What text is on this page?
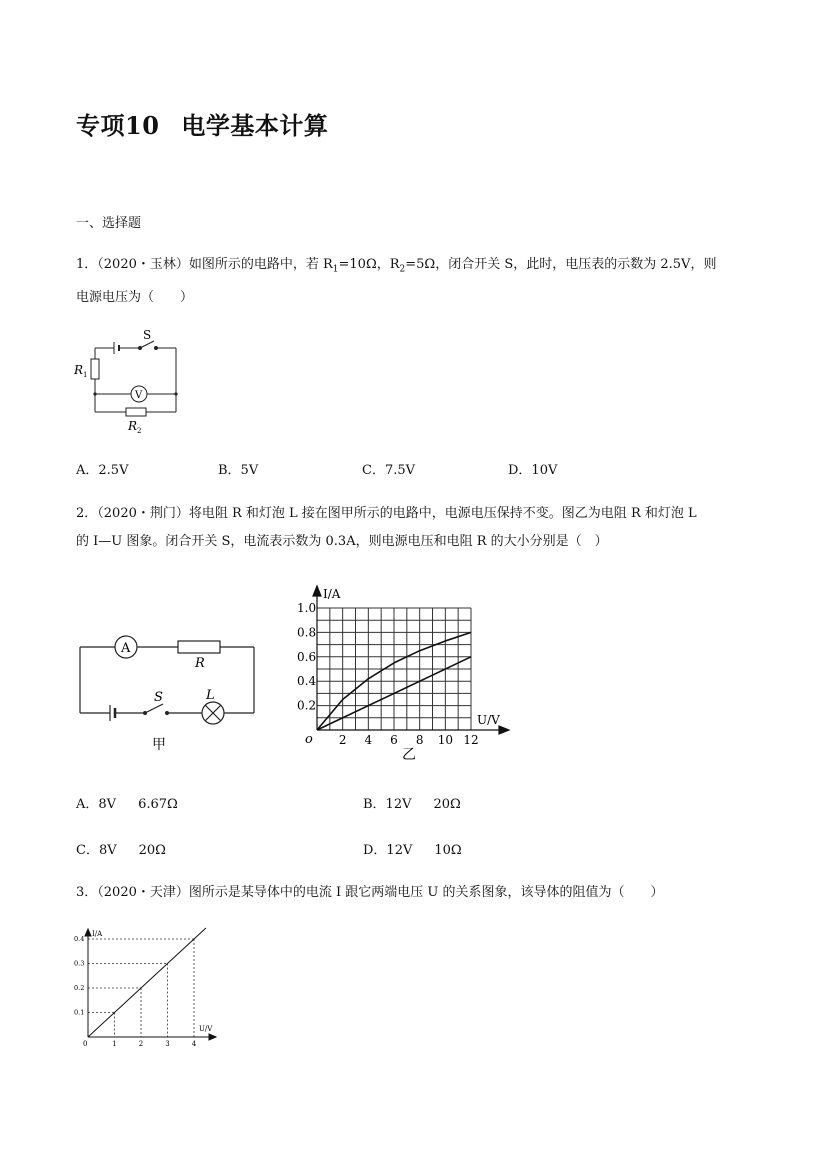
专项10 电学基本计算
一、选择题
1．（2020・玉林）如图所示的电路中，若 $R_1=10\Omega$，$R_2=5\Omega$，闭合开关 S，此时，电压表的示数为 2.5V，则
电源电压为（　　）
S
R 1
V
R 2
A．2.5V	B．5V	C．7.5V	D．10V
2．（2020・荆门）将电阻 R 和灯泡 L 接在图甲所示的电路中，电源电压保持不变。图乙为电阻 R 和灯泡 L
的 I—U 图象。闭合开关 S，电流表示数为 0.3A，则电源电压和电阻 R 的大小分别是（　）
A
R
S	L
甲
I/A
U/V
o
0.2
0.4
0.6
0.8
1.0
2 4 6 8 10 12
乙
A．8V 6.67Ω	B．12V 20Ω
C．8V 20Ω	D．12V 10Ω
3．（2020・天津）图所示是某导体中的电流 I 跟它两端电压 U 的关系图象，该导体的阻值为（　　）
I/A
U/V
0
0.1
0.2
0.3
0.4
1	2	3	4
